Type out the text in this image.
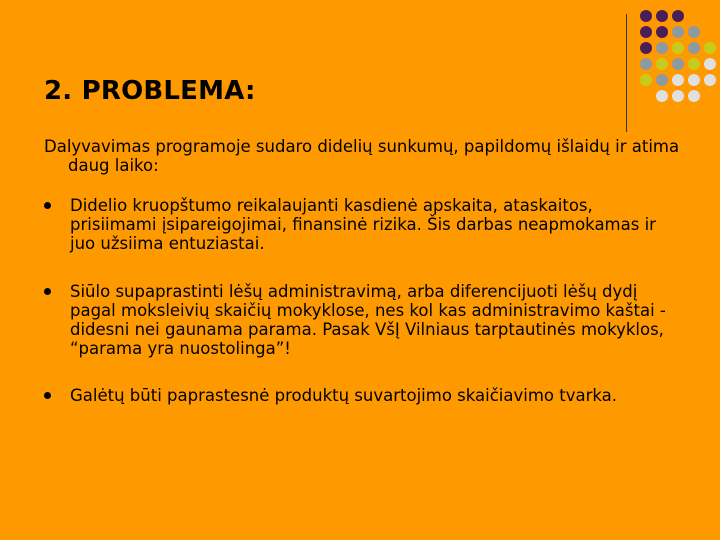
2. PROBLEMA:
Dalyvavimas programoje sudaro didelių sunkumų, papildomų išlaidų ir atima daug laiko:
Didelio kruopštumo reikalaujanti kasdienė apskaita, ataskaitos, prisiimami įsipareigojimai, finansinė rizika. Šis darbas neapmokamas ir juo užsiima entuziastai.
Siūlo supaprastinti lėšų administravimą, arba diferencijuoti lėšų dydį pagal moksleivių skaičių mokyklose, nes kol kas administravimo kaštai - didesni nei gaunama parama. Pasak VšĮ Vilniaus tarptautinės mokyklos, “parama yra nuostolinga”!
Galėtų būti paprastesnė produktų suvartojimo skaičiavimo tvarka.
